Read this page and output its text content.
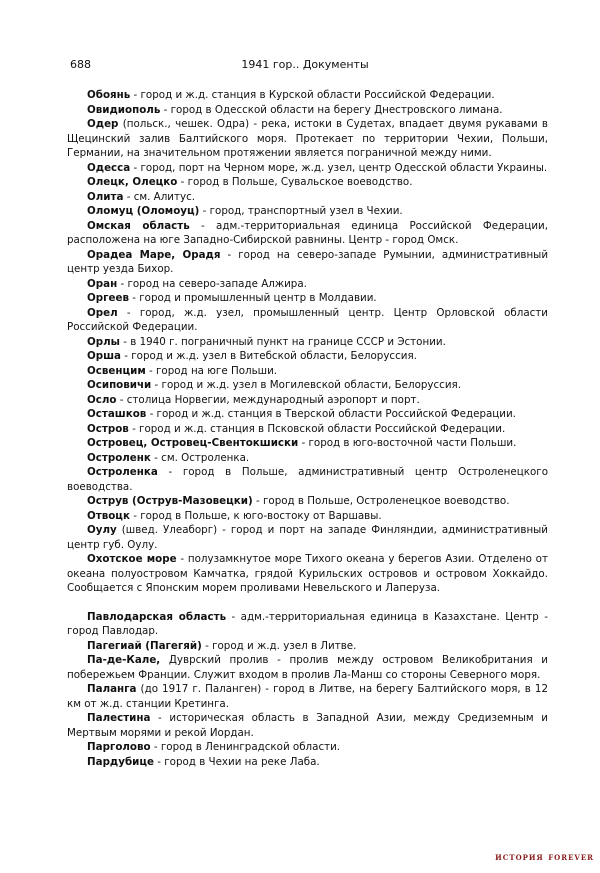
688	1941 гор.. Документы

Обоянь - город и ж.д. станция в Курской области Российской Федерации.

Овидиополь - город в Одесской области на берегу Днестровского лимана.

Одер (польск., чешек. Одра) - река, истоки в Судетах, впадает двумя рукавами в Щецинский залив Балтийского моря. Протекает по территории Чехии, Польши, Германии, на значительном протяжении является пограничной между ними.

Одесса - город, порт на Черном море, ж.д. узел, центр Одесской области Украины.

Олецк, Олецко - город в Польше, Сувальское воеводство.

Олита - см. Алитус.

Оломуц (Оломоуц) - город, транспортный узел в Чехии.

Омская область - адм.-территориальная единица Российской Федерации, расположена на юге Западно-Сибирской равнины. Центр - город Омск.

Орадеа Маре, Орадя - город на северо-западе Румынии, административный центр уезда Бихор.

Оран - город на северо-западе Алжира.

Оргеев - город и промышленный центр в Молдавии.

Орел - город, ж.д. узел, промышленный центр. Центр Орловской области Российской Федерации.

Орлы - в 1940 г. пограничный пункт на границе СССР и Эстонии.

Орша - город и ж.д. узел в Витебской области, Белоруссия.

Освенцим - город на юге Польши.

Осиповичи - город и ж.д. узел в Могилевской области, Белоруссия.

Осло - столица Норвегии, международный аэропорт и порт.

Осташков - город и ж.д. станция в Тверской области Российской Федерации.

Остров - город и ж.д. станция в Псковской области Российской Федерации.

Островец, Островец-Свентокшиски - город в юго-восточной части Польши.

Остроленк - см. Остроленка.

Остроленка - город в Польше, административный центр Остроленецкого воеводства.

Острув (Острув-Мазовецки) - город в Польше, Остроленецкое воеводство.

Отвоцк - город в Польше, к юго-востоку от Варшавы.

Оулу (швед. Улеаборг) - город и порт на западе Финляндии, административный центр губ. Оулу.

Охотское море - полузамкнутое море Тихого океана у берегов Азии. Отделено от океана полуостровом Камчатка, грядой Курильских островов и островом Хоккайдо. Сообщается с Японским морем проливами Невельского и Лаперуза.

Павлодарская область - адм.-территориальная единица в Казахстане. Центр - город Павлодар.

Пагегиай (Пагегяй) - город и ж.д. узел в Литве.

Па-де-Кале, Дуврский пролив - пролив между островом Великобритания и побережьем Франции. Служит входом в пролив Ла-Манш со стороны Северного моря.

Паланга (до 1917 г. Паланген) - город в Литве, на берегу Балтийского моря, в 12 км от ж.д. станции Кретинга.

Палестина - историческая область в Западной Азии, между Средиземным и Мертвым морями и рекой Иордан.

Парголово - город в Ленинградской области.

Пардубице - город в Чехии на реке Лаба.

история forever
